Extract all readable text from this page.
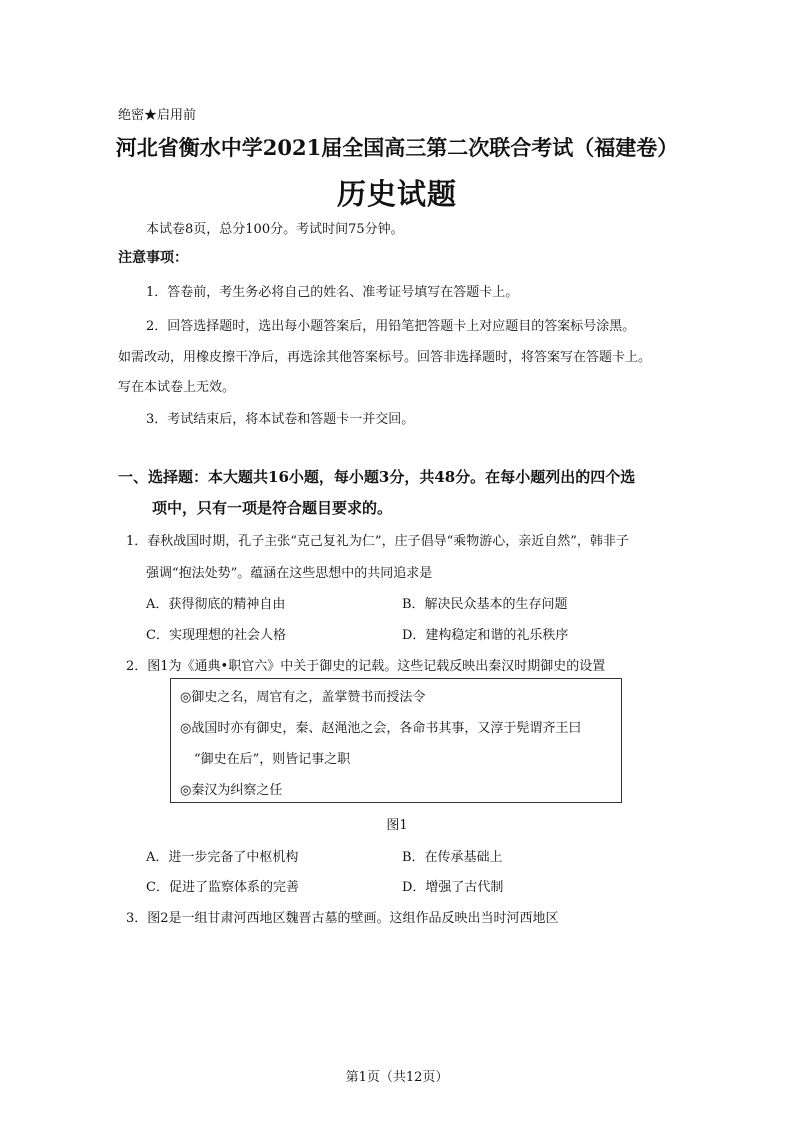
绝密★启用前
河北省衡水中学2021届全国高三第二次联合考试（福建卷）
历史试题
本试卷8页，总分100分。考试时间75分钟。
注意事项：
1．答卷前，考生务必将自己的姓名、准考证号填写在答题卡上。
2．回答选择题时，选出每小题答案后，用铅笔把答题卡上对应题目的答案标号涂黑。
如需改动，用橡皮擦干净后，再选涂其他答案标号。回答非选择题时，将答案写在答题卡上。
写在本试卷上无效。
3．考试结束后，将本试卷和答题卡一并交回。
一、选择题：本大题共16小题，每小题3分，共48分。在每小题列出的四个选
项中，只有一项是符合题目要求的。
1．春秋战国时期，孔子主张“克己复礼为仁”，庄子倡导“乘物游心，亲近自然”，韩非子
强调“抱法处势”。蕴涵在这些思想中的共同追求是
A．获得彻底的精神自由	B．解决民众基本的生存问题
C．实现理想的社会人格	D．建构稳定和谐的礼乐秩序
2．图1为《通典•职官六》中关于御史的记载。这些记载反映出秦汉时期御史的设置
◎御史之名，周官有之，盖掌赞书而授法令
◎战国时亦有御史，秦、赵渑池之会，各命书其事，又淳于髡谓齐王曰
“御史在后”，则皆记事之职
◎秦汉为纠察之任
图1
A．进一步完备了中枢机构	B．在传承基础上
C．促进了监察体系的完善	D．增强了古代制
3．图2是一组甘肃河西地区魏晋古墓的壁画。这组作品反映出当时河西地区
第1页（共12页）
